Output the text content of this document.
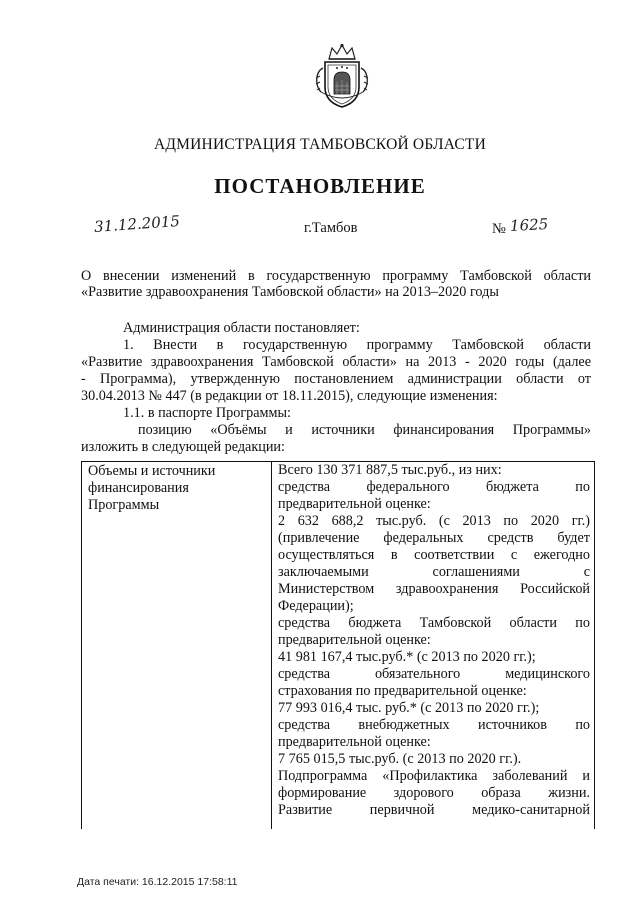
АДМИНИСТРАЦИЯ ТАМБОВСКОЙ ОБЛАСТИ
ПОСТАНОВЛЕНИЕ
31.12.2015	г.Тамбов	№ 1625
О внесении изменений в государственную программу Тамбовской области
«Развитие здравоохранения Тамбовской области» на 2013–2020 годы
Администрация области постановляет:
1. Внести в государственную программу Тамбовской области
«Развитие здравоохранения Тамбовской области» на 2013 - 2020 годы (далее
- Программа), утвержденную постановлением администрации области от
30.04.2013 № 447 (в редакции от 18.11.2015), следующие изменения:
1.1. в паспорте Программы:
позицию «Объёмы и источники финансирования Программы»
изложить в следующей редакции:
Объемы и источники
финансирования
Программы
Всего 130 371 887,5 тыс.руб., из них:
средства федерального бюджета по
предварительной оценке:
2 632 688,2 тыс.руб. (с 2013 по 2020 гг.)
(привлечение федеральных средств будет
осуществляться в соответствии с ежегодно
заключаемыми соглашениями с
Министерством здравоохранения Российской
Федерации);
средства бюджета Тамбовской области по
предварительной оценке:
41 981 167,4 тыс.руб.* (с 2013 по 2020 гг.);
средства обязательного медицинского
страхования по предварительной оценке:
77 993 016,4 тыс. руб.* (с 2013 по 2020 гг.);
средства внебюджетных источников по
предварительной оценке:
7 765 015,5 тыс.руб. (с 2013 по 2020 гг.).
Подпрограмма «Профилактика заболеваний и
формирование здорового образа жизни.
Развитие первичной медико-санитарной
Дата печати: 16.12.2015 17:58:11
